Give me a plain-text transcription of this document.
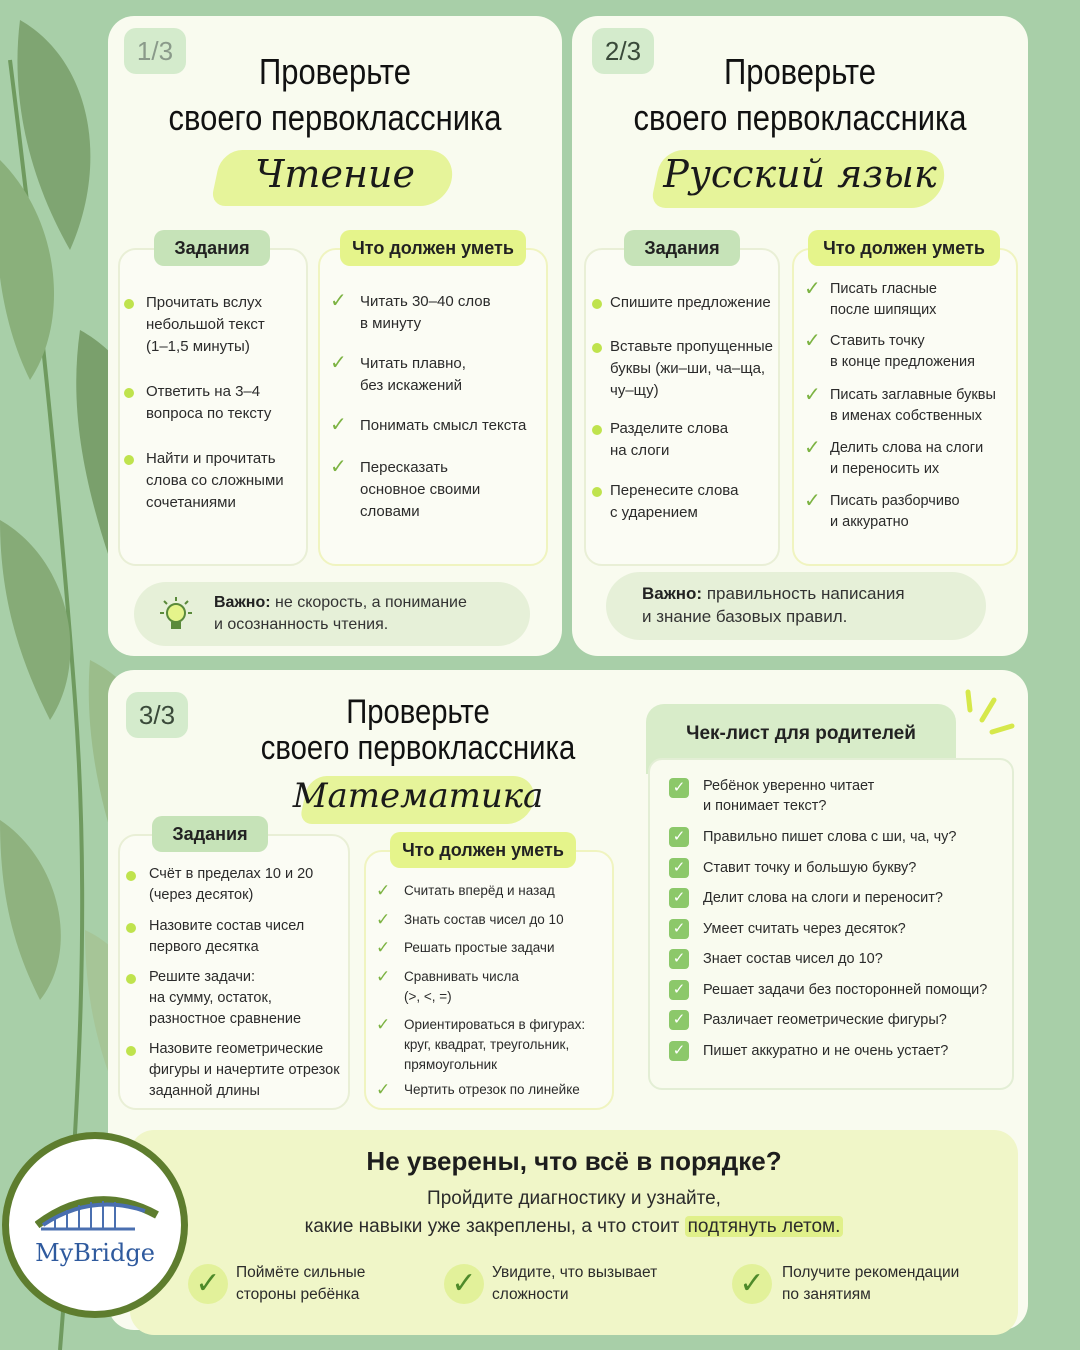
1/3	Проверьте
своего первоклассника
Чтение
Задания	Что должен уметь
Прочитать вслух
небольшой текст
(1–1,5 минуты)
Ответить на 3–4
вопроса по тексту
Найти и прочитать
слова со сложными
сочетаниями
✓ Читать 30–40 слов
в минуту
✓ Читать плавно,
без искажений
✓ Понимать смысл текста
✓ Пересказать
основное своими
словами
Важно: не скорость, а понимание
и осознанность чтения.
2/3	Проверьте
своего первоклассника
Русский язык
Задания	Что должен уметь
Спишите предложение
Вставьте пропущенные
буквы (жи–ши, ча–ща,
чу–щу)
Разделите слова
на слоги
Перенесите слова
с ударением
✓ Писать гласные
после шипящих
✓ Ставить точку
в конце предложения
✓ Писать заглавные буквы
в именах собственных
✓ Делить слова на слоги
и переносить их
✓ Писать разборчиво
и аккуратно
Важно: правильность написания
и знание базовых правил.
3/3	Проверьте
своего первоклассника
Математика
Задания
Счёт в пределах 10 и 20
(через десяток)
Назовите состав чисел
первого десятка
Решите задачи:
на сумму, остаток,
разностное сравнение
Назовите геометрические
фигуры и начертите отрезок
заданной длины
Что должен уметь
✓ Считать вперёд и назад
✓ Знать состав чисел до 10
✓ Решать простые задачи
✓ Сравнивать числа
(>, <, =)
✓ Ориентироваться в фигурах:
круг, квадрат, треугольник,
прямоугольник
✓ Чертить отрезок по линейке
Чек-лист для родителей
✓ Ребёнок уверенно читает
и понимает текст?
✓ Правильно пишет слова с ши, ча, чу?
✓ Ставит точку и большую букву?
✓ Делит слова на слоги и переносит?
✓ Умеет считать через десяток?
✓ Знает состав чисел до 10?
✓ Решает задачи без посторонней помощи?
✓ Различает геометрические фигуры?
✓ Пишет аккуратно и не очень устает?
Не уверены, что всё в порядке?
Пройдите диагностику и узнайте,
какие навыки уже закреплены, а что стоит подтянуть летом.
✓ Поймёте сильные
стороны ребёнка	✓ Увидите, что вызывает
сложности	✓	Получите рекомендации
по занятиям
MyBridge
